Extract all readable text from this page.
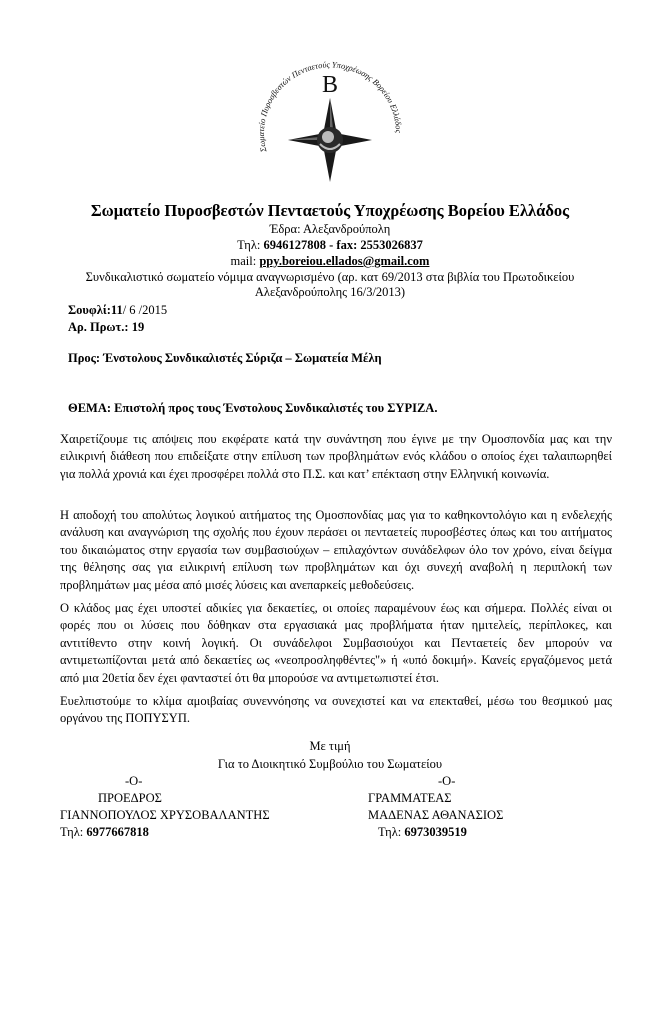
Σωματείο Πυροσβεστών Πενταετούς Υποχρέωσης Βορείου Ελλάδος
B
Σωματείο Πυροσβεστών Πενταετούς Υποχρέωσης Βορείου Ελλάδος
Έδρα: Αλεξανδρούπολη
Τηλ: 6946127808 - fax: 2553026837
mail: ppy.boreiou.ellados@gmail.com
Συνδικαλιστικό σωματείο νόμιμα αναγνωρισμένο (αρ. κατ 69/2013 στα βιβλία του Πρωτοδικείου
Αλεξανδρούπολης 16/3/2013)
Σουφλί:11/ 6 /2015
Αρ. Πρωτ.: 19
Προς: Ένστολους Συνδικαλιστές Σύριζα – Σωματεία Μέλη
ΘΕΜΑ: Επιστολή προς τους Ένστολους Συνδικαλιστές του ΣΥΡΙΖΑ.

Χαιρετίζουμε τις απόψεις που εκφέρατε κατά την συνάντηση που έγινε με την Ομοσπονδία μας και την ειλικρινή διάθεση που επιδείξατε στην επίλυση των προβλημάτων ενός κλάδου ο οποίος έχει ταλαιπωρηθεί για πολλά χρονιά και έχει προσφέρει πολλά στο Π.Σ. και κατ’ επέκταση στην Ελληνική κοινωνία.

Η αποδοχή του απολύτως λογικού αιτήματος της Ομοσπονδίας μας για το καθηκοντολόγιο και η ενδελεχής ανάλυση και αναγνώριση της σχολής που έχουν περάσει οι πενταετείς πυροσβέστες όπως και του αιτήματος του δικαιώματος στην εργασία των συμβασιούχων – επιλαχόντων συνάδελφων όλο τον χρόνο, είναι δείγμα της θέλησης σας για ειλικρινή επίλυση των προβλημάτων και όχι συνεχή αναβολή η περιπλοκή των προβλημάτων μας μέσα από μισές λύσεις και ανεπαρκείς μεθοδεύσεις.

Ο κλάδος μας έχει υποστεί αδικίες για δεκαετίες, οι οποίες παραμένουν έως και σήμερα. Πολλές είναι οι φορές που οι λύσεις που δόθηκαν στα εργασιακά μας προβλήματα ήταν ημιτελείς, περίπλοκες, και αντιτίθεντο στην κοινή λογική. Οι συνάδελφοι Συμβασιούχοι και Πενταετείς δεν μπορούν να αντιμετωπίζονται μετά από δεκαετίες ως «νεοπροσληφθέντες"» ή «υπό δοκιμή». Κανείς εργαζόμενος μετά από μια 20ετία δεν έχει φανταστεί ότι θα μπορούσε να αντιμετωπιστεί έτσι.

Ευελπιστούμε το κλίμα αμοιβαίας συνεννόησης να συνεχιστεί και να επεκταθεί, μέσω του θεσμικού μας οργάνου της ΠΟΠΥΣΥΠ.

Με τιμή
Για το Διοικητικό Συμβούλιο του Σωματείου
-Ο-
ΠΡΟΕΔΡΟΣ
ΓΙΑΝΝΟΠΟΥΛΟΣ ΧΡΥΣΟΒΑΛΑΝΤΗΣ
Τηλ: 6977667818
-Ο-
ΓΡΑΜΜΑΤΕΑΣ
ΜΑΔΕΝΑΣ ΑΘΑΝΑΣΙΟΣ
Τηλ: 6973039519
